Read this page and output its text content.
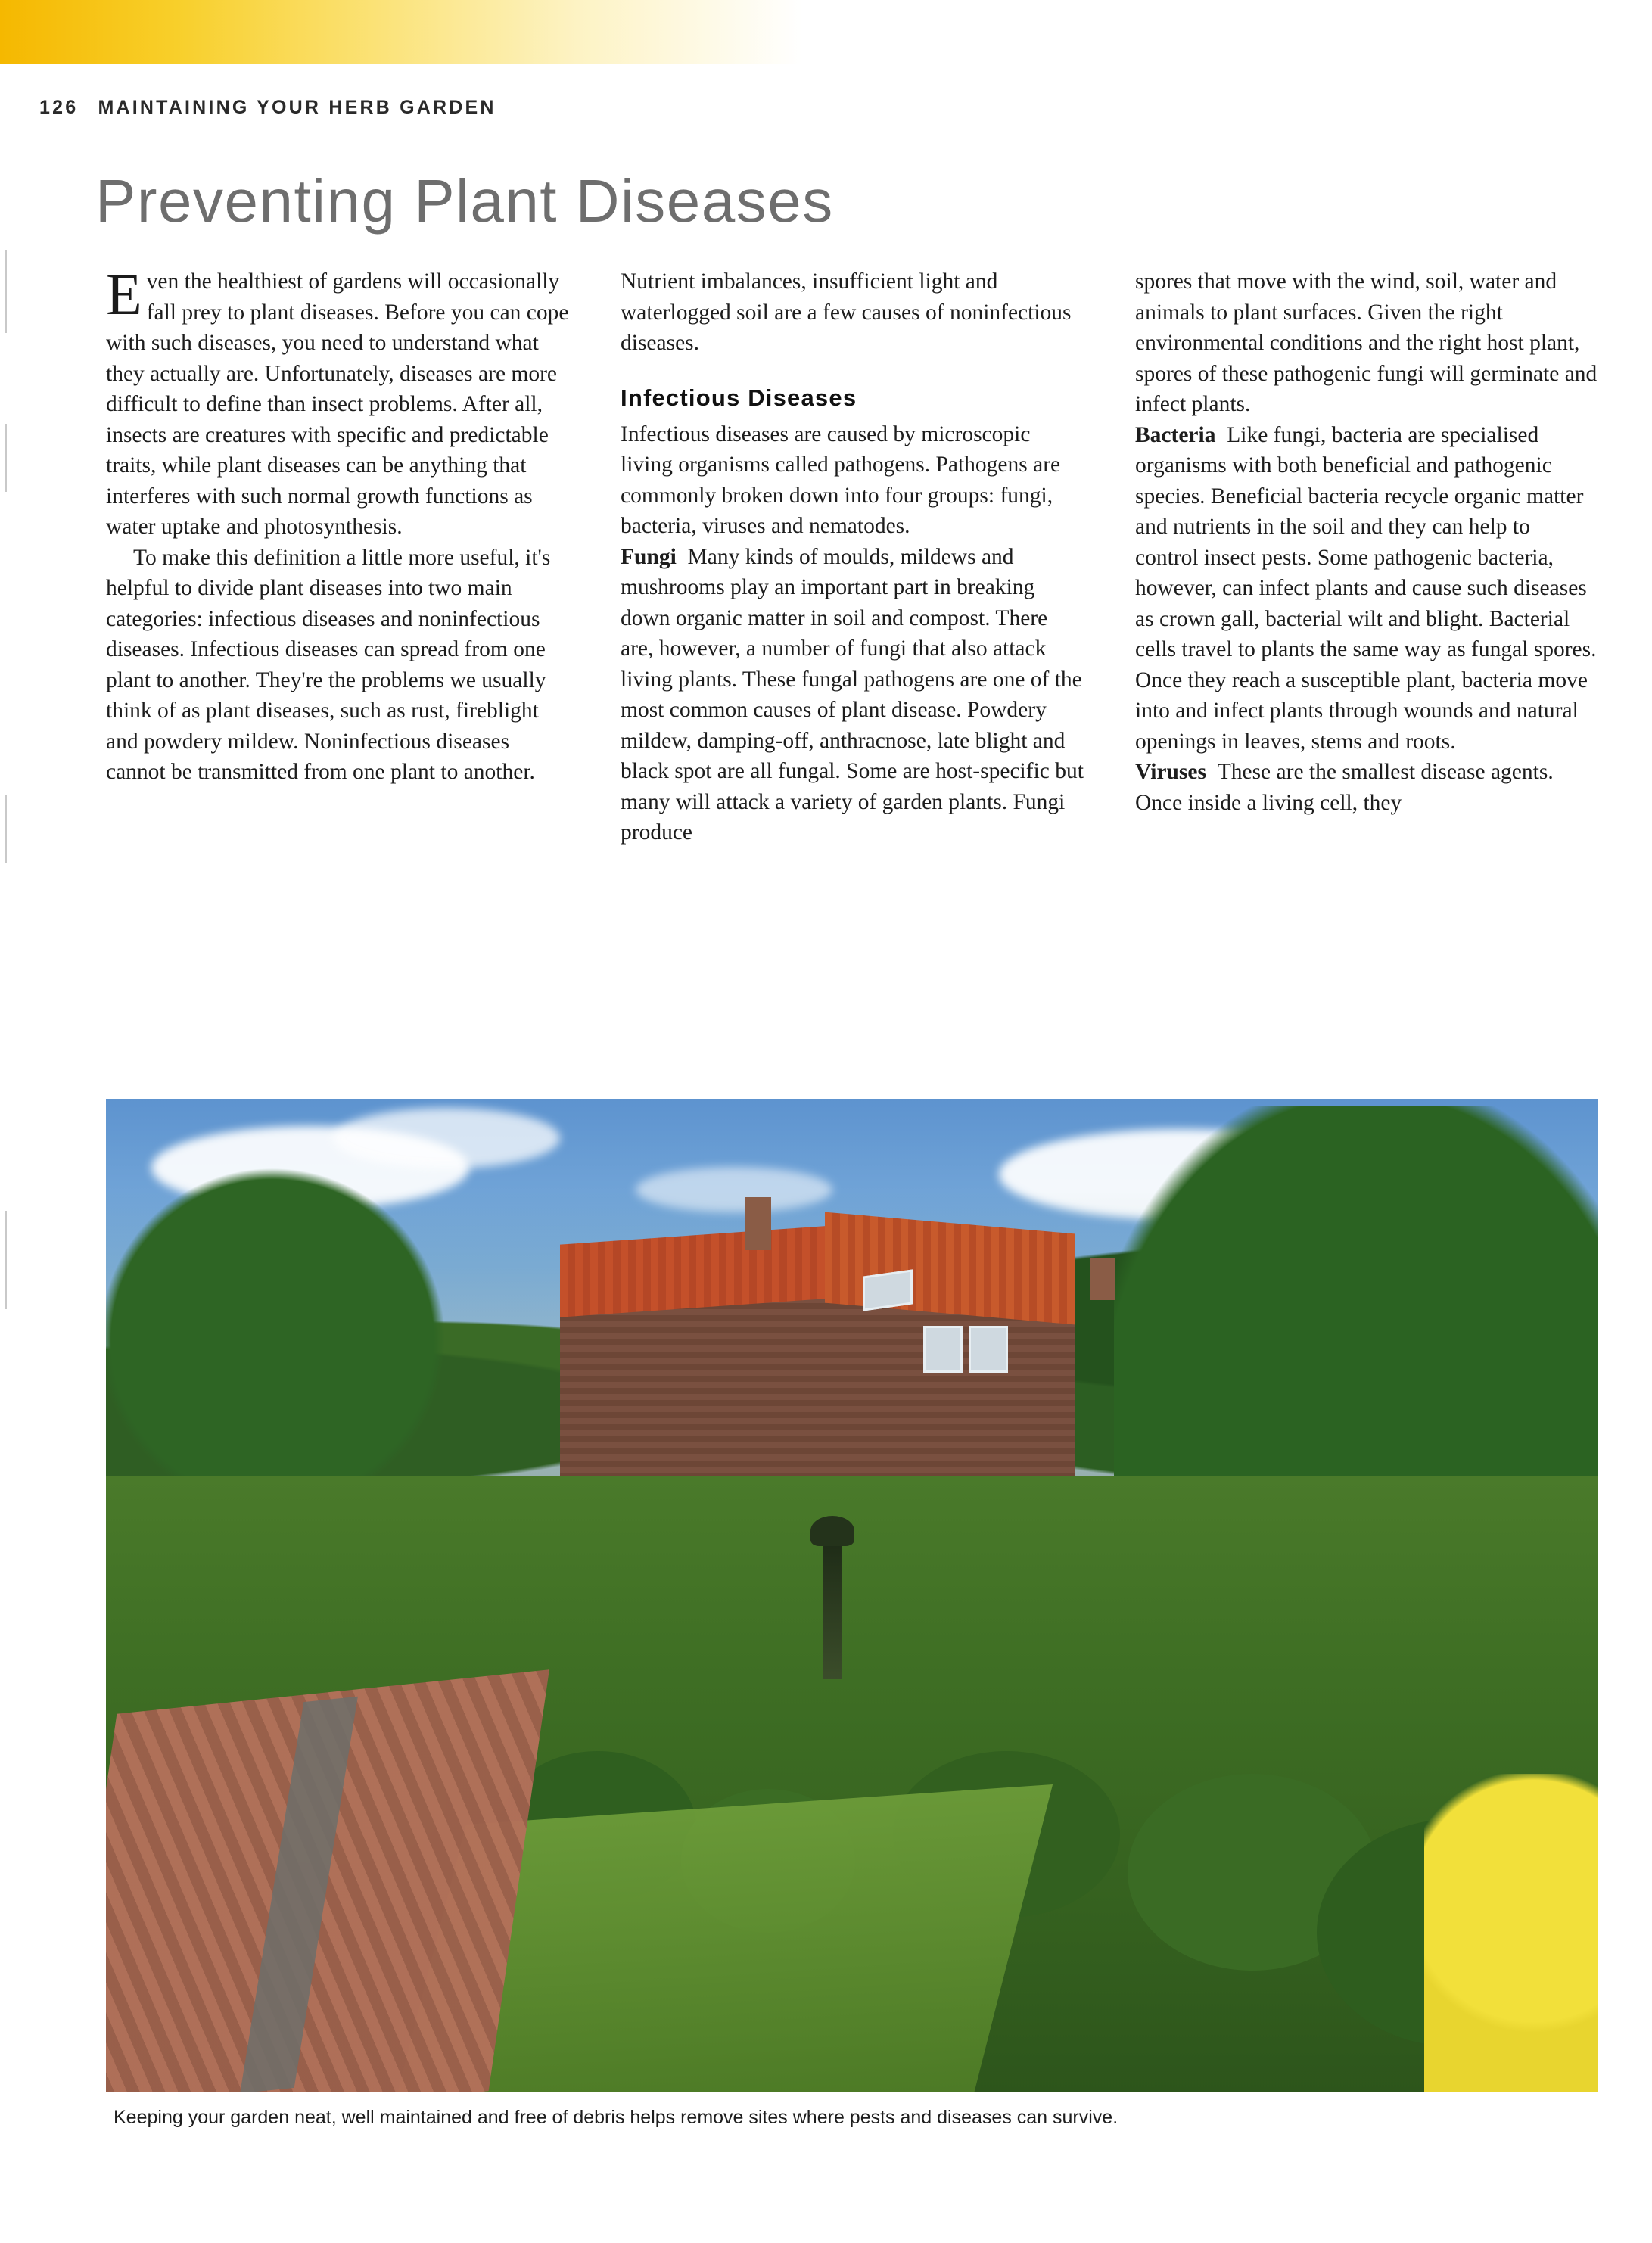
126 MAINTAINING YOUR HERB GARDEN
Preventing Plant Diseases

Even the healthiest of gardens will occasionally fall prey to plant diseases. Before you can cope with such diseases, you need to understand what they actually are. Unfortunately, diseases are more difficult to define than insect problems. After all, insects are creatures with specific and predictable traits, while plant diseases can be anything that interferes with such normal growth functions as water uptake and photosynthesis.

To make this definition a little more useful, it's helpful to divide plant diseases into two main categories: infectious diseases and noninfectious diseases. Infectious diseases can spread from one plant to another. They're the problems we usually think of as plant diseases, such as rust, fireblight and powdery mildew. Noninfectious diseases cannot be transmitted from one plant to another.

Nutrient imbalances, insufficient light and waterlogged soil are a few causes of noninfectious diseases.

Infectious Diseases

Infectious diseases are caused by microscopic living organisms called pathogens. Pathogens are commonly broken down into four groups: fungi, bacteria, viruses and nematodes.

Fungi Many kinds of moulds, mildews and mushrooms play an important part in breaking down organic matter in soil and compost. There are, however, a number of fungi that also attack living plants. These fungal pathogens are one of the most common causes of plant disease. Powdery mildew, damping-off, anthracnose, late blight and black spot are all fungal. Some are host-specific but many will attack a variety of garden plants. Fungi produce

spores that move with the wind, soil, water and animals to plant surfaces. Given the right environmental conditions and the right host plant, spores of these pathogenic fungi will germinate and infect plants.

Bacteria Like fungi, bacteria are specialised organisms with both beneficial and pathogenic species. Beneficial bacteria recycle organic matter and nutrients in the soil and they can help to control insect pests. Some pathogenic bacteria, however, can infect plants and cause such diseases as crown gall, bacterial wilt and blight. Bacterial cells travel to plants the same way as fungal spores. Once they reach a susceptible plant, bacteria move into and infect plants through wounds and natural openings in leaves, stems and roots.

Viruses These are the smallest disease agents. Once inside a living cell, they

Keeping your garden neat, well maintained and free of debris helps remove sites where pests and diseases can survive.
